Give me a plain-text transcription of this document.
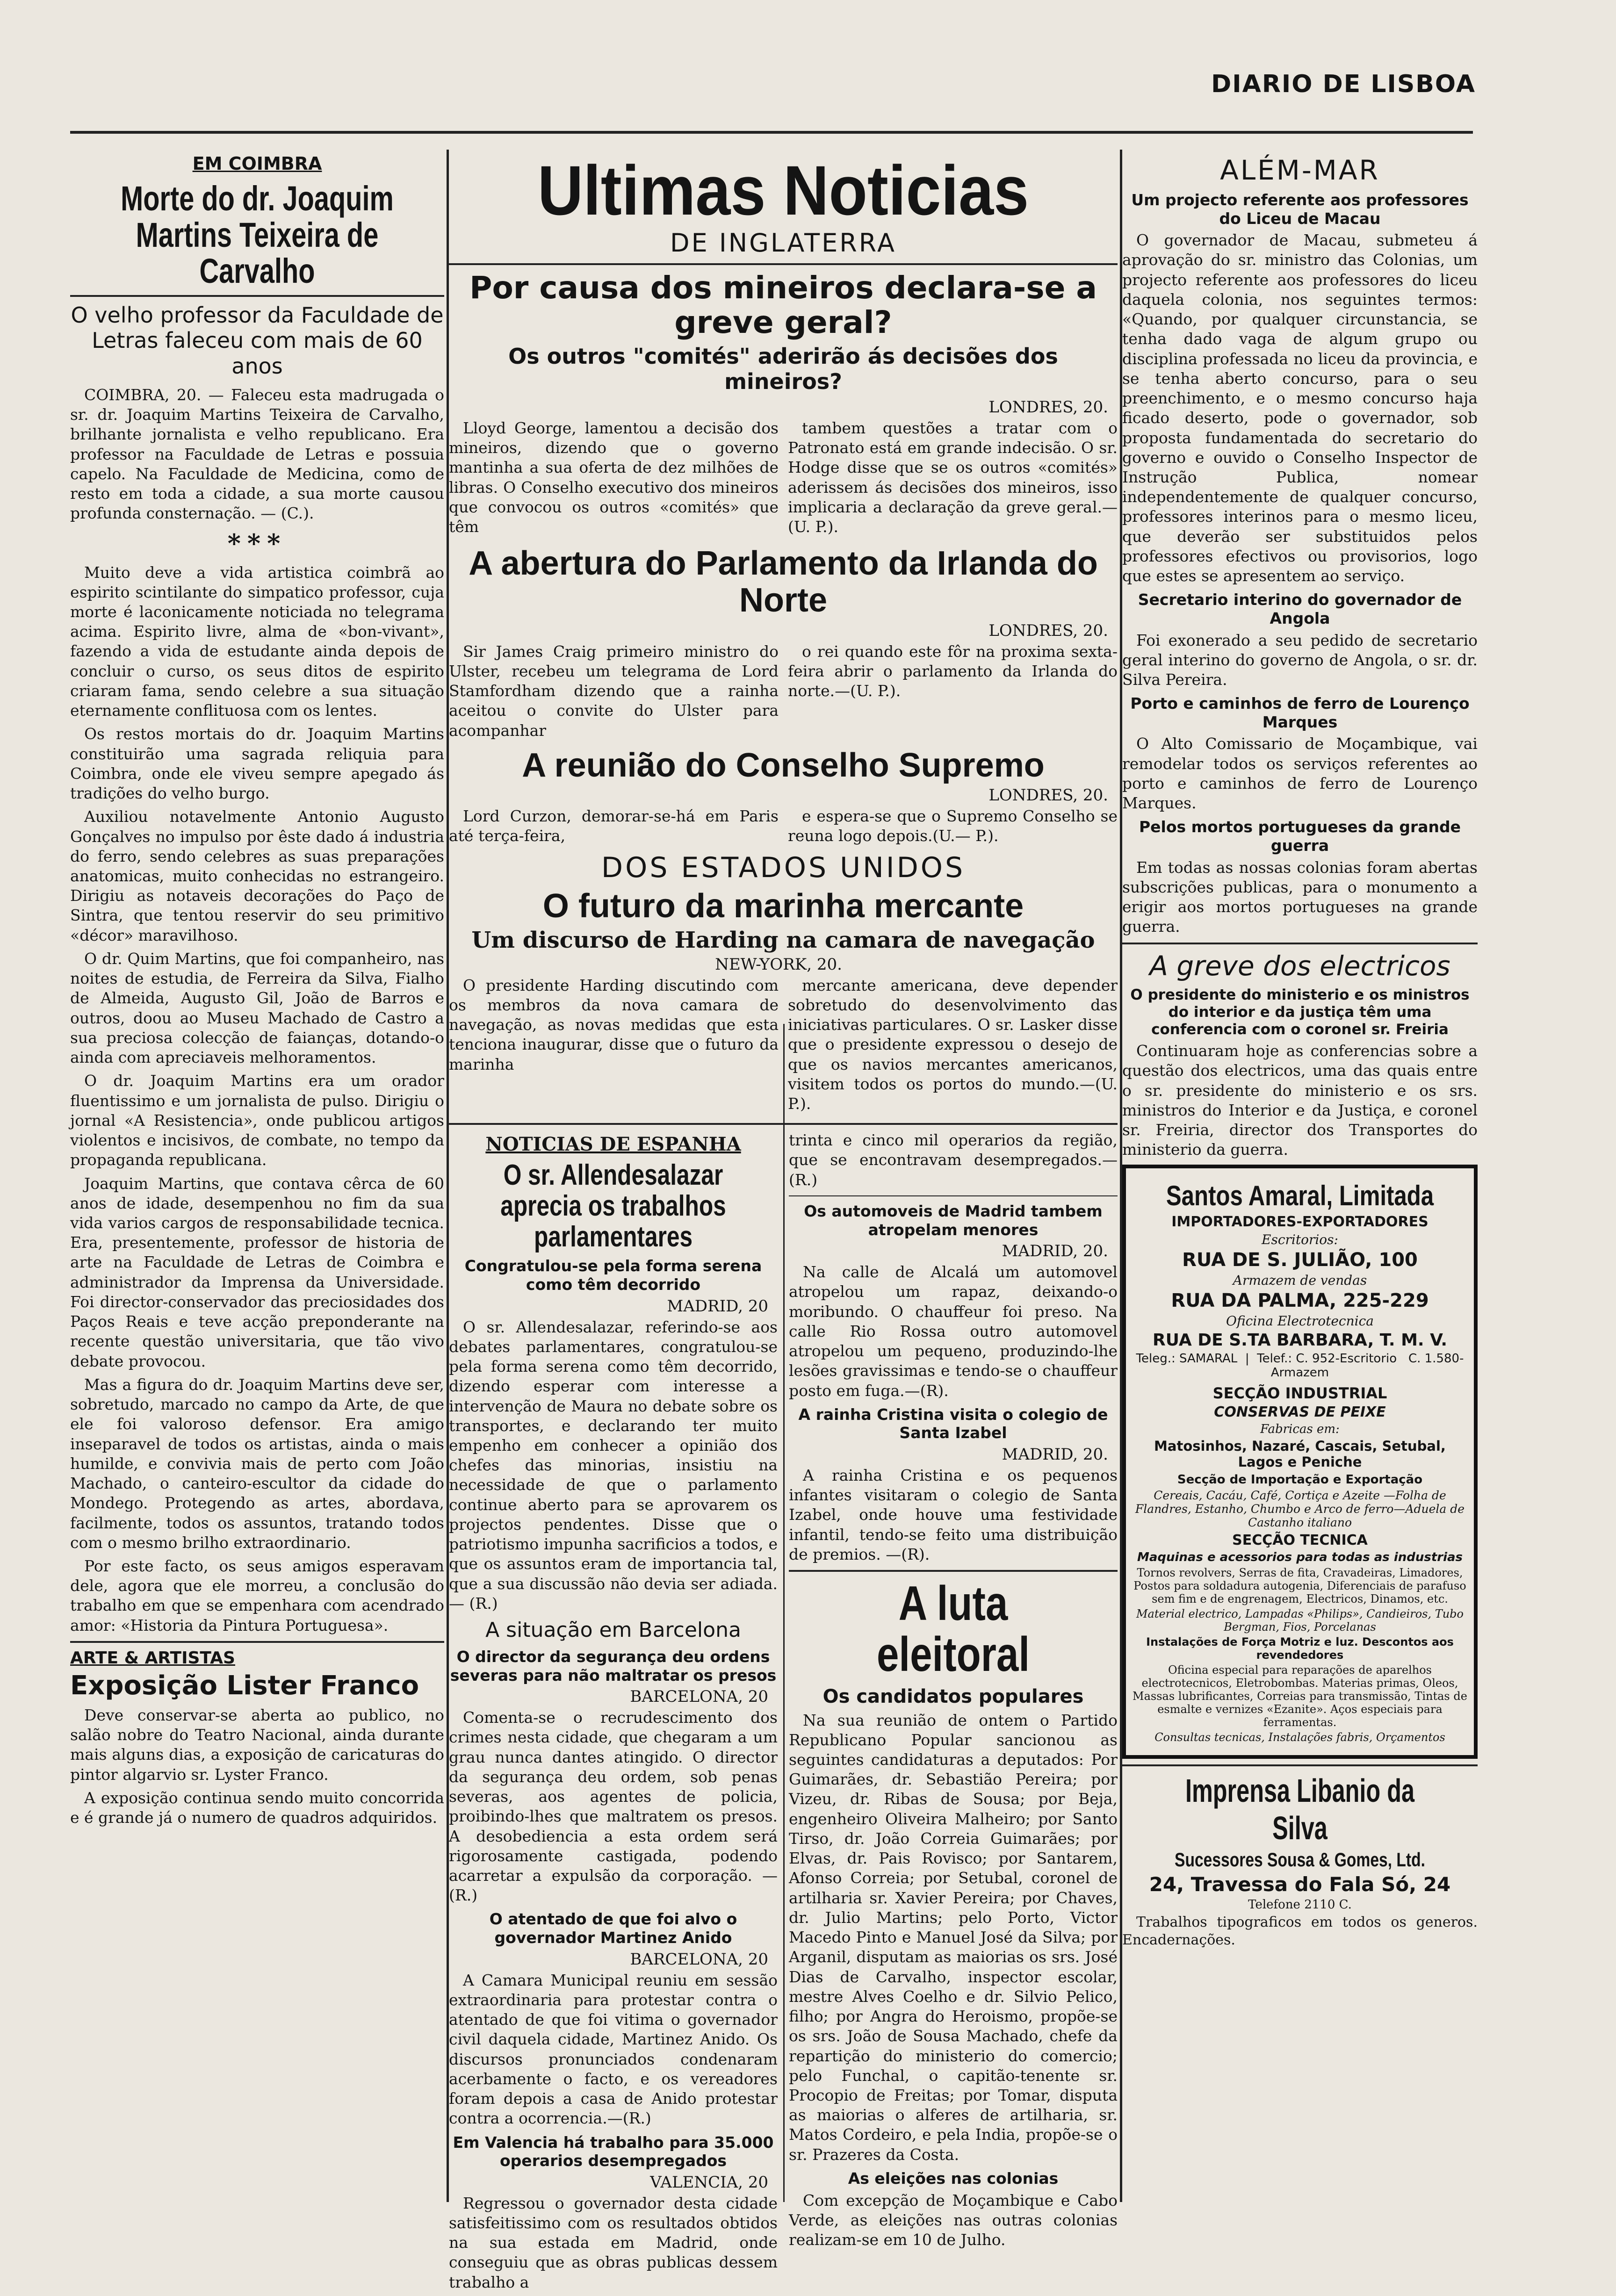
DIARIO DE LISBOA
EM COIMBRA
Morte do dr. Joaquim Martins Teixeira de Carvalho
O velho professor da Faculdade de Letras faleceu com mais de 60 anos

COIMBRA, 20. — Faleceu esta madrugada o sr. dr. Joaquim Martins Teixeira de Carvalho, brilhante jornalista e velho republicano. Era professor na Faculdade de Letras e possuia capelo. Na Faculdade de Medicina, como de resto em toda a cidade, a sua morte causou profunda consternação. — (C.).

***

Muito deve a vida artistica coimbrã ao espirito scintilante do simpatico professor, cuja morte é laconicamente noticiada no telegrama acima. Espirito livre, alma de «bon-vivant», fazendo a vida de estudante ainda depois de concluir o curso, os seus ditos de espirito criaram fama, sendo celebre a sua situação eternamente conflituosa com os lentes.

Os restos mortais do dr. Joaquim Martins constituirão uma sagrada reliquia para Coimbra, onde ele viveu sempre apegado ás tradições do velho burgo.

Auxiliou notavelmente Antonio Augusto Gonçalves no impulso por êste dado á industria do ferro, sendo celebres as suas preparações anatomicas, muito conhecidas no estrangeiro. Dirigiu as notaveis decorações do Paço de Sintra, que tentou reservir do seu primitivo «décor» maravilhoso.

O dr. Quim Martins, que foi companheiro, nas noites de estudia, de Ferreira da Silva, Fialho de Almeida, Augusto Gil, João de Barros e outros, doou ao Museu Machado de Castro a sua preciosa colecção de faianças, dotando-o ainda com apreciaveis melhoramentos.

O dr. Joaquim Martins era um orador fluentissimo e um jornalista de pulso. Dirigiu o jornal «A Resistencia», onde publicou artigos violentos e incisivos, de combate, no tempo da propaganda republicana.

Joaquim Martins, que contava cêrca de 60 anos de idade, desempenhou no fim da sua vida varios cargos de responsabilidade tecnica. Era, presentemente, professor de historia de arte na Faculdade de Letras de Coimbra e administrador da Imprensa da Universidade. Foi director-conservador das preciosidades dos Paços Reais e teve acção preponderante na recente questão universitaria, que tão vivo debate provocou.

Mas a figura do dr. Joaquim Martins deve ser, sobretudo, marcado no campo da Arte, de que ele foi valoroso defensor. Era amigo inseparavel de todos os artistas, ainda o mais humilde, e convivia mais de perto com João Machado, o canteiro-escultor da cidade do Mondego. Protegendo as artes, abordava, facilmente, todos os assuntos, tratando todos com o mesmo brilho extraordinario.

Por este facto, os seus amigos esperavam dele, agora que ele morreu, a conclusão do trabalho em que se empenhara com acendrado amor: «Historia da Pintura Portuguesa».

ARTE & ARTISTAS
Exposição Lister Franco

Deve conservar-se aberta ao publico, no salão nobre do Teatro Nacional, ainda durante mais alguns dias, a exposição de caricaturas do pintor algarvio sr. Lyster Franco.

A exposição continua sendo muito concorrida e é grande já o numero de quadros adquiridos.

Ultimas Noticias
DE INGLATERRA
Por causa dos mineiros declara-se a greve geral?
Os outros "comités" aderirão ás decisões dos mineiros?
LONDRES, 20.

Lloyd George, lamentou a decisão dos mineiros, dizendo que o governo mantinha a sua oferta de dez milhões de libras. O Conselho executivo dos mineiros que convocou os outros «comités» que têm

tambem questões a tratar com o Patronato está em grande indecisão. O sr. Hodge disse que se os outros «comités» aderissem ás decisões dos mineiros, isso implicaria a declaração da greve geral.— (U. P.).

A abertura do Parlamento da Irlanda do Norte
LONDRES, 20.

Sir James Craig primeiro ministro do Ulster, recebeu um telegrama de Lord Stamfordham dizendo que a rainha aceitou o convite do Ulster para acompanhar

o rei quando este fôr na proxima sexta-feira abrir o parlamento da Irlanda do norte.—(U. P.).

A reunião do Conselho Supremo
LONDRES, 20.

Lord Curzon, demorar-se-há em Paris até terça-feira,

e espera-se que o Supremo Conselho se reuna logo depois.(U.— P.).

DOS ESTADOS UNIDOS
O futuro da marinha mercante
Um discurso de Harding na camara de navegação
NEW-YORK, 20.

O presidente Harding discutindo com os membros da nova camara de navegação, as novas medidas que esta tenciona inaugurar, disse que o futuro da marinha

mercante americana, deve depender sobretudo do desenvolvimento das iniciativas particulares. O sr. Lasker disse que o presidente expressou o desejo de que os navios mercantes americanos, visitem todos os portos do mundo.—(U. P.).

NOTICIAS DE ESPANHA
O sr. Allendesalazar aprecia os trabalhos parlamentares
Congratulou-se pela forma serena como têm decorrido
MADRID, 20

O sr. Allendesalazar, referindo-se aos debates parlamentares, congratulou-se pela forma serena como têm decorrido, dizendo esperar com interesse a intervenção de Maura no debate sobre os transportes, e declarando ter muito empenho em conhecer a opinião dos chefes das minorias, insistiu na necessidade de que o parlamento continue aberto para se aprovarem os projectos pendentes. Disse que o patriotismo impunha sacrificios a todos, e que os assuntos eram de importancia tal, que a sua discussão não devia ser adiada. — (R.)

A situação em Barcelona
O director da segurança deu ordens severas para não maltratar os presos
BARCELONA, 20

Comenta-se o recrudescimento dos crimes nesta cidade, que chegaram a um grau nunca dantes atingido. O director da segurança deu ordem, sob penas severas, aos agentes de policia, proibindo-lhes que maltratem os presos. A desobediencia a esta ordem será rigorosamente castigada, podendo acarretar a expulsão da corporação. — (R.)

O atentado de que foi alvo o governador Martinez Anido
BARCELONA, 20

A Camara Municipal reuniu em sessão extraordinaria para protestar contra o atentado de que foi vitima o governador civil daquela cidade, Martinez Anido. Os discursos pronunciados condenaram acerbamente o facto, e os vereadores foram depois a casa de Anido protestar contra a ocorrencia.—(R.)

Em Valencia há trabalho para 35.000 operarios desempregados
VALENCIA, 20

Regressou o governador desta cidade satisfeitissimo com os resultados obtidos na sua estada em Madrid, onde conseguiu que as obras publicas dessem trabalho a

trinta e cinco mil operarios da região, que se encontravam desempregados.—(R.)

Os automoveis de Madrid tambem atropelam menores
MADRID, 20.

Na calle de Alcalá um automovel atropelou um rapaz, deixando-o moribundo. O chauffeur foi preso. Na calle Rio Rossa outro automovel atropelou um pequeno, produzindo-lhe lesões gravissimas e tendo-se o chauffeur posto em fuga.—(R).

A rainha Cristina visita o colegio de Santa Izabel
MADRID, 20.

A rainha Cristina e os pequenos infantes visitaram o colegio de Santa Izabel, onde houve uma festividade infantil, tendo-se feito uma distribuição de premios. —(R).

A luta eleitoral
Os candidatos populares

Na sua reunião de ontem o Partido Republicano Popular sancionou as seguintes candidaturas a deputados: Por Guimarães, dr. Sebastião Pereira; por Vizeu, dr. Ribas de Sousa; por Beja, engenheiro Oliveira Malheiro; por Santo Tirso, dr. João Correia Guimarães; por Elvas, dr. Pais Rovisco; por Santarem, Afonso Correia; por Setubal, coronel de artilharia sr. Xavier Pereira; por Chaves, dr. Julio Martins; pelo Porto, Victor Macedo Pinto e Manuel José da Silva; por Arganil, disputam as maiorias os srs. José Dias de Carvalho, inspector escolar, mestre Alves Coelho e dr. Silvio Pelico, filho; por Angra do Heroismo, propõe-se os srs. João de Sousa Machado, chefe da repartição do ministerio do comercio; pelo Funchal, o capitão-tenente sr. Procopio de Freitas; por Tomar, disputa as maiorias o alferes de artilharia, sr. Matos Cordeiro, e pela India, propõe-se o sr. Prazeres da Costa.

As eleições nas colonias

Com excepção de Moçambique e Cabo Verde, as eleições nas outras colonias realizam-se em 10 de Julho.

ALÉM-MAR
Um projecto referente aos professores do Liceu de Macau

O governador de Macau, submeteu á aprovação do sr. ministro das Colonias, um projecto referente aos professores do liceu daquela colonia, nos seguintes termos: «Quando, por qualquer circunstancia, se tenha dado vaga de algum grupo ou disciplina professada no liceu da provincia, e se tenha aberto concurso, para o seu preenchimento, e o mesmo concurso haja ficado deserto, pode o governador, sob proposta fundamentada do secretario do governo e ouvido o Conselho Inspector de Instrução Publica, nomear independentemente de qualquer concurso, professores interinos para o mesmo liceu, que deverão ser substituidos pelos professores efectivos ou provisorios, logo que estes se apresentem ao serviço.

Secretario interino do governador de Angola

Foi exonerado a seu pedido de secretario geral interino do governo de Angola, o sr. dr. Silva Pereira.

Porto e caminhos de ferro de Lourenço Marques

O Alto Comissario de Moçambique, vai remodelar todos os serviços referentes ao porto e caminhos de ferro de Lourenço Marques.

Pelos mortos portugueses da grande guerra

Em todas as nossas colonias foram abertas subscrições publicas, para o monumento a erigir aos mortos portugueses na grande guerra.

A greve dos electricos
O presidente do ministerio e os ministros do interior e da justiça têm uma conferencia com o coronel sr. Freiria

Continuaram hoje as conferencias sobre a questão dos electricos, uma das quais entre o sr. presidente do ministerio e os srs. ministros do Interior e da Justiça, e coronel sr. Freiria, director dos Transportes do ministerio da guerra.

Santos Amaral, Limitada
IMPORTADORES-EXPORTADORES
Escritorios:
RUA DE S. JULIÃO, 100
Armazem de vendas
RUA DA PALMA, 225-229
Oficina Electrotecnica
RUA DE S.TA BARBARA, T. M. V.
Teleg.: SAMARAL  |  Telef.: C. 952-Escritorio C. 1.580-Armazem
SECÇÃO INDUSTRIAL
CONSERVAS DE PEIXE
Fabricas em:
Matosinhos, Nazaré, Cascais, Setubal, Lagos e Peniche
Secção de Importação e Exportação
Cereais, Cacáu, Café, Cortiça e Azeite —Folha de Flandres, Estanho, Chumbo e Arco de ferro—Aduela de Castanho italiano
SECÇÃO TECNICA
Maquinas e acessorios para todas as industrias
Tornos revolvers, Serras de fita, Cravadeiras, Limadores, Postos para soldadura autogenia, Diferenciais de parafuso sem fim e de engrenagem, Electricos, Dinamos, etc.
Material electrico, Lampadas «Philips», Candieiros, Tubo Bergman, Fios, Porcelanas
Instalações de Força Motriz e luz. Descontos aos revendedores
Oficina especial para reparações de aparelhos electrotecnicos, Eletrobombas. Materias primas, Oleos, Massas lubrificantes, Correias para transmissão, Tintas de esmalte e vernizes «Ezanite». Aços especiais para ferramentas.
Consultas tecnicas, Instalações fabris, Orçamentos
Imprensa Libanio da Silva
Sucessores Sousa & Gomes, Ltd.
24, Travessa do Fala Só, 24
Telefone 2110 C.

Trabalhos tipograficos em todos os generos. Encadernações.
